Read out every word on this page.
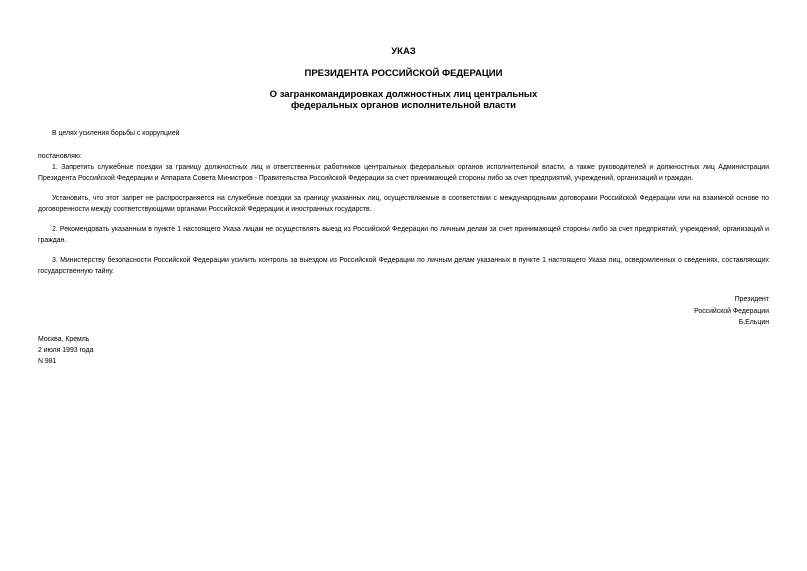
УКАЗ
ПРЕЗИДЕНТА РОССИЙСКОЙ ФЕДЕРАЦИИ
О загранкомандировках должностных лиц центральных
федеральных органов исполнительной власти
В целях усиления борьбы с коррупцией
постановляю:
1. Запретить служебные поездки за границу должностных лиц и ответственных работников центральных федеральных органов исполнительной власти, а также руководителей и должностных лиц Администрации Президента Российской Федерации и Аппарата Совета Министров - Правительства Российской Федерации за счет принимающей стороны либо за счет предприятий, учреждений, организаций и граждан.
Установить, что этот запрет не распространяется на служебные поездки за границу указанных лиц, осуществляемые в соответствии с международными договорами Российской Федерации или на взаимной основе по договоренности между соответствующими органами Российской Федерации и иностранных государств.
2. Рекомендовать указанным в пункте 1 настоящего Указа лицам не осуществлять выезд из Российской Федерации по личным делам за счет принимающей стороны либо за счет предприятий, учреждений, организаций и граждан.
3. Министерству безопасности Российской Федерации усилить контроль за выездом из Российской Федерации по личным делам указанных в пункте 1 настоящего Указа лиц, осведомленных о сведениях, составляющих государственную тайну.
Президент
Российской Федерации
Б.Ельцин
Москва, Кремль
2 июля 1993 года
N 981
